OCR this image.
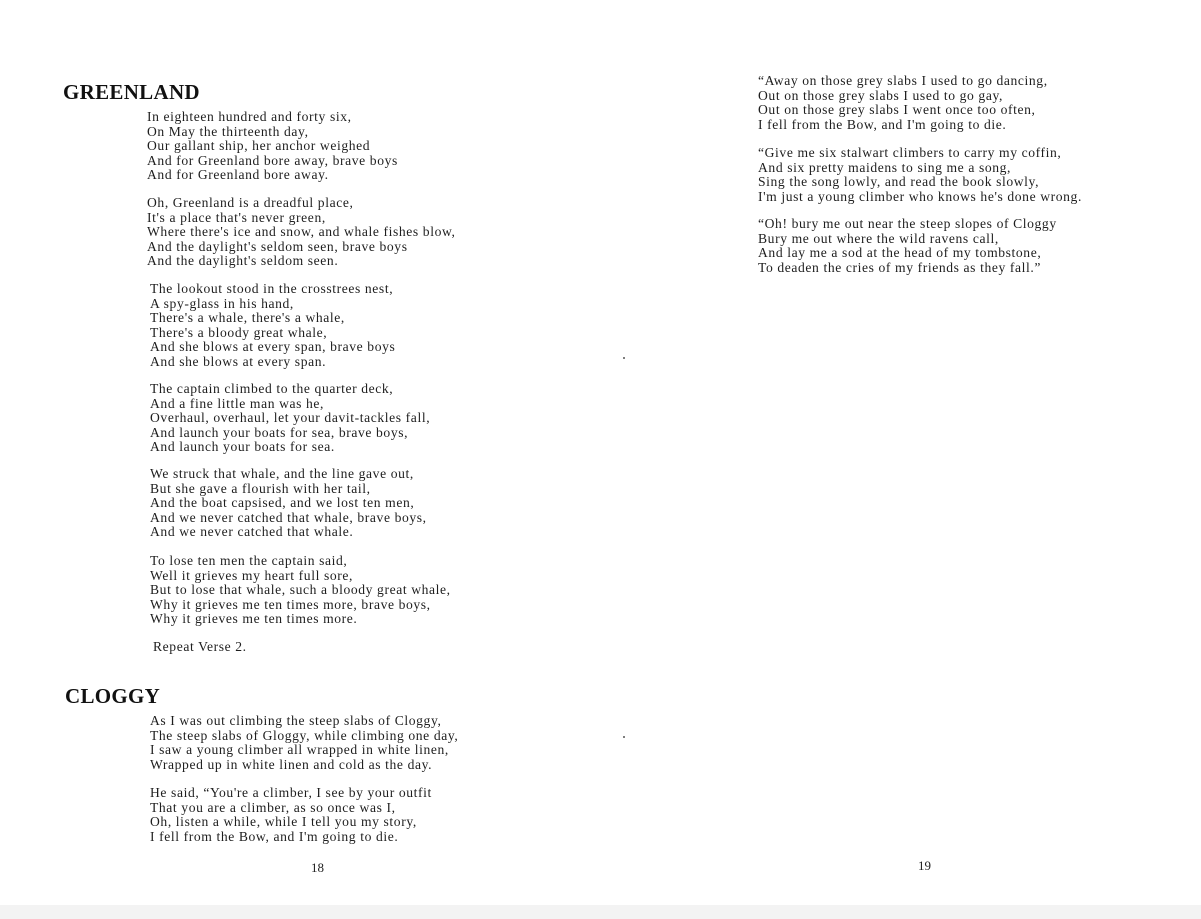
GREENLAND
In eighteen hundred and forty six,
On May the thirteenth day,
Our gallant ship, her anchor weighed
And for Greenland bore away, brave boys
And for Greenland bore away.
Oh, Greenland is a dreadful place,
It's a place that's never green,
Where there's ice and snow, and whale fishes blow,
And the daylight's seldom seen, brave boys
And the daylight's seldom seen.
The lookout stood in the crosstrees nest,
A spy-glass in his hand,
There's a whale, there's a whale,
There's a bloody great whale,
And she blows at every span, brave boys
And she blows at every span.
The captain climbed to the quarter deck,
And a fine little man was he,
Overhaul, overhaul, let your davit-tackles fall,
And launch your boats for sea, brave boys,
And launch your boats for sea.
We struck that whale, and the line gave out,
But she gave a flourish with her tail,
And the boat capsised, and we lost ten men,
And we never catched that whale, brave boys,
And we never catched that whale.
To lose ten men the captain said,
Well it grieves my heart full sore,
But to lose that whale, such a bloody great whale,
Why it grieves me ten times more, brave boys,
Why it grieves me ten times more.
Repeat Verse 2.
CLOGGY
As I was out climbing the steep slabs of Cloggy,
The steep slabs of Gloggy, while climbing one day,
I saw a young climber all wrapped in white linen,
Wrapped up in white linen and cold as the day.
He said, “You're a climber, I see by your outfit
That you are a climber, as so once was I,
Oh, listen a while, while I tell you my story,
I fell from the Bow, and I'm going to die.
18
“Away on those grey slabs I used to go dancing,
Out on those grey slabs I used to go gay,
Out on those grey slabs I went once too often,
I fell from the Bow, and I'm going to die.
“Give me six stalwart climbers to carry my coffin,
And six pretty maidens to sing me a song,
Sing the song lowly, and read the book slowly,
I'm just a young climber who knows he's done wrong.
“Oh! bury me out near the steep slopes of Cloggy
Bury me out where the wild ravens call,
And lay me a sod at the head of my tombstone,
To deaden the cries of my friends as they fall.”
19
